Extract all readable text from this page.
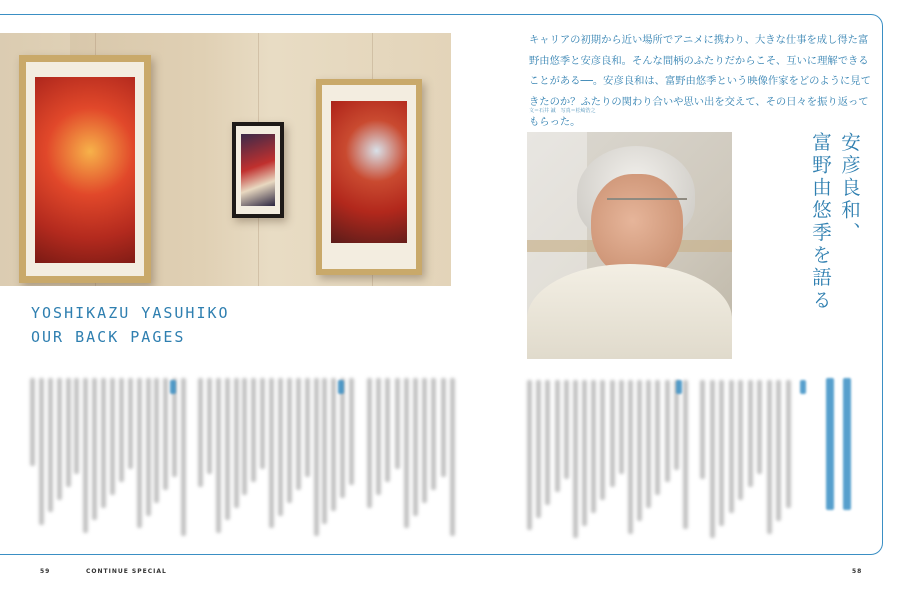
YOSHIKAZU YASUHIKO
OUR BACK PAGES
キャリアの初期から近い場所でアニメに携わり、大きな仕事を成し得た富野由悠季と安彦良和。そんな間柄のふたりだからこそ、互いに理解できることがある──。安彦良和は、富野由悠季という映像作家をどのように見てきたのか？ふたりの関わり合いや思い出を交えて、その日々を振り返ってもらった。
文＝石井 誠　写真＝松崎浩之
安彦良和、
富野由悠季を語る
59	CONTINUE SPECIAL	58
